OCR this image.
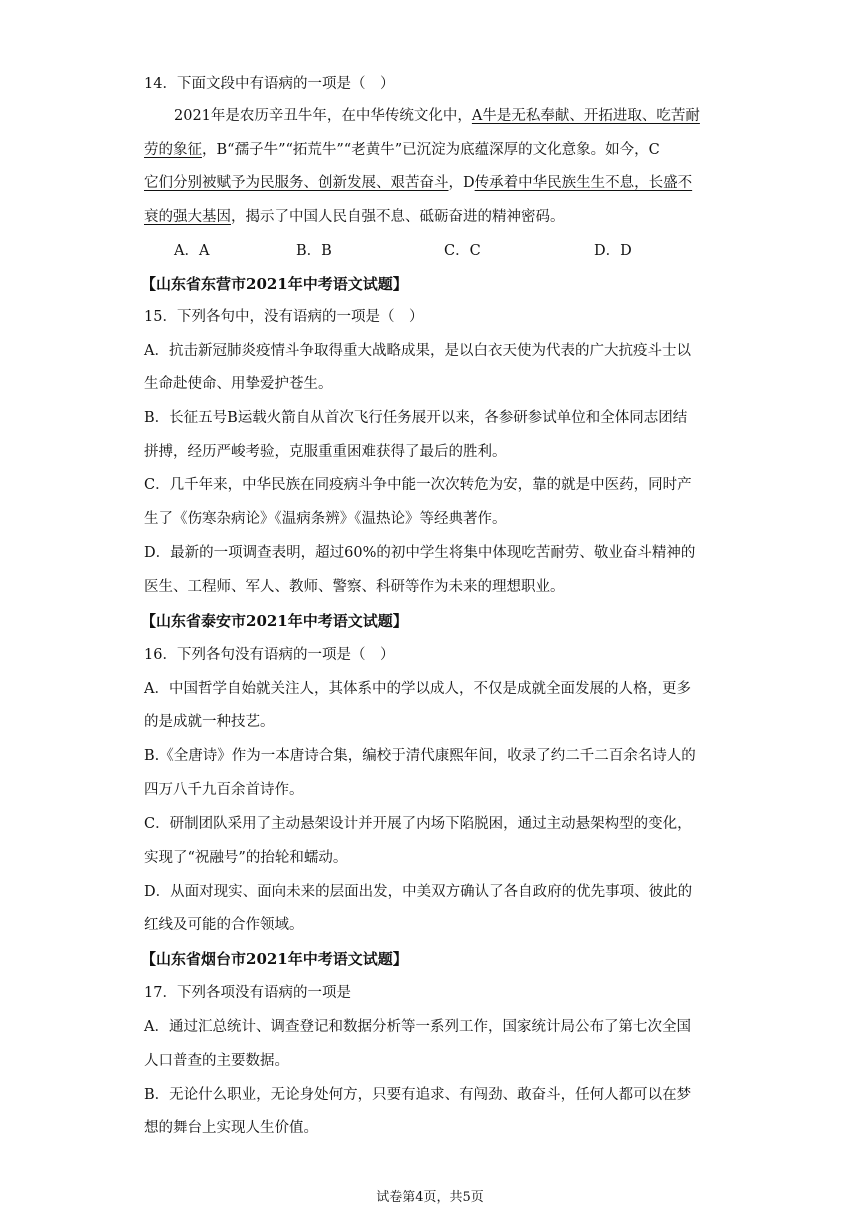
14．下面文段中有语病的一项是（　）
2021年是农历辛丑牛年，在中华传统文化中，A牛是无私奉献、开拓进取、吃苦耐
劳的象征，B“孺子牛”“拓荒牛”“老黄牛”已沉淀为底蕴深厚的文化意象。如今，C
它们分别被赋予为民服务、创新发展、艰苦奋斗，D传承着中华民族生生不息，长盛不
衰的强大基因，揭示了中国人民自强不息、砥砺奋进的精神密码。
A．A	B．B	C．C	D．D
【山东省东营市2021年中考语文试题】
15．下列各句中，没有语病的一项是（　）
A．抗击新冠肺炎疫情斗争取得重大战略成果，是以白衣天使为代表的广大抗疫斗士以
生命赴使命、用挚爱护苍生。
B．长征五号B运载火箭自从首次飞行任务展开以来，各参研参试单位和全体同志团结
拼搏，经历严峻考验，克服重重困难获得了最后的胜利。
C．几千年来，中华民族在同疫病斗争中能一次次转危为安，靠的就是中医药，同时产
生了《伤寒杂病论》《温病条辨》《温热论》等经典著作。
D．最新的一项调查表明，超过60%的初中学生将集中体现吃苦耐劳、敬业奋斗精神的
医生、工程师、军人、教师、警察、科研等作为未来的理想职业。
【山东省泰安市2021年中考语文试题】
16．下列各句没有语病的一项是（　）
A．中国哲学自始就关注人，其体系中的学以成人，不仅是成就全面发展的人格，更多
的是成就一种技艺。
B.《全唐诗》作为一本唐诗合集，编校于清代康熙年间，收录了约二千二百余名诗人的
四万八千九百余首诗作。
C．研制团队采用了主动悬架设计并开展了内场下陷脱困，通过主动悬架构型的变化，
实现了“祝融号”的抬轮和蠕动。
D．从面对现实、面向未来的层面出发，中美双方确认了各自政府的优先事项、彼此的
红线及可能的合作领域。
【山东省烟台市2021年中考语文试题】
17．下列各项没有语病的一项是
A．通过汇总统计、调查登记和数据分析等一系列工作，国家统计局公布了第七次全国
人口普查的主要数据。
B．无论什么职业，无论身处何方，只要有追求、有闯劲、敢奋斗，任何人都可以在梦
想的舞台上实现人生价值。
试卷第4页，共5页
